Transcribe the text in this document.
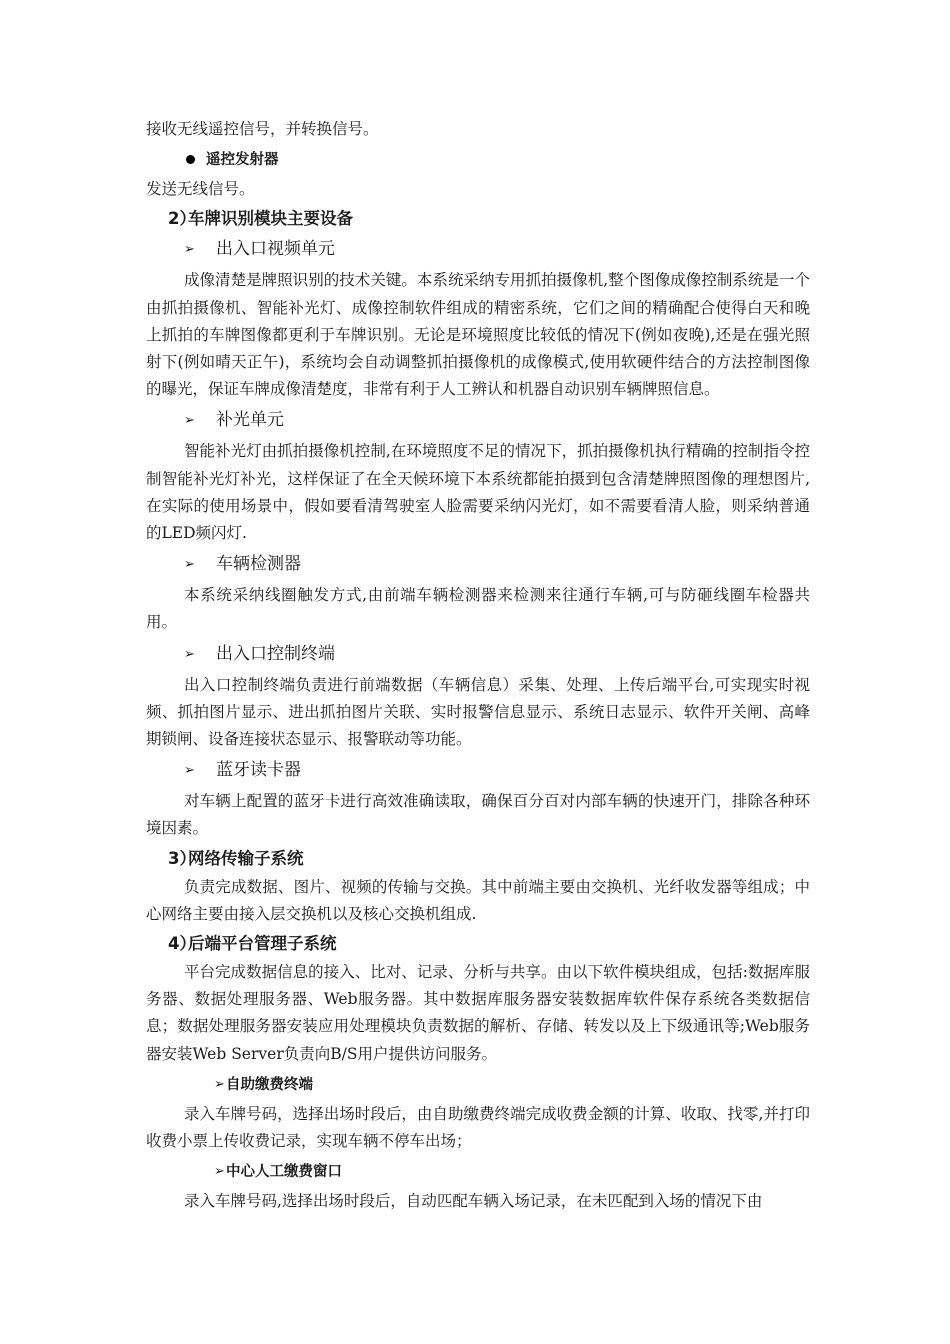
接收无线遥控信号，并转换信号。

遥控发射器

发送无线信号。

2）
车牌识别模块主要设备
➢	出入口视频单元

成像清楚是牌照识别的技术关键。本系统采纳专用抓拍摄像机,整个图像成像控制系统是一个由抓拍摄像机、智能补光灯、成像控制软件组成的精密系统，它们之间的精确配合使得白天和晚上抓拍的车牌图像都更利于车牌识别。无论是环境照度比较低的情况下(例如夜晚),还是在强光照射下(例如晴天正午)，系统均会自动调整抓拍摄像机的成像模式,使用软硬件结合的方法控制图像的曝光，保证车牌成像清楚度，非常有利于人工辨认和机器自动识别车辆牌照信息。

➢	补光单元

智能补光灯由抓拍摄像机控制,在环境照度不足的情况下，抓拍摄像机执行精确的控制指令控制智能补光灯补光，这样保证了在全天候环境下本系统都能拍摄到包含清楚牌照图像的理想图片,在实际的使用场景中，假如要看清驾驶室人脸需要采纳闪光灯，如不需要看清人脸，则采纳普通的LED频闪灯.

➢	车辆检测器

本系统采纳线圈触发方式,由前端车辆检测器来检测来往通行车辆,可与防砸线圈车检器共用。

➢	出入口控制终端

出入口控制终端负责进行前端数据（车辆信息）采集、处理、上传后端平台,可实现实时视频、抓拍图片显示、进出抓拍图片关联、实时报警信息显示、系统日志显示、软件开关闸、高峰期锁闸、设备连接状态显示、报警联动等功能。

➢	蓝牙读卡器

对车辆上配置的蓝牙卡进行高效准确读取，确保百分百对内部车辆的快速开门，排除各种环境因素。

3）
网络传输子系统

负责完成数据、图片、视频的传输与交换。其中前端主要由交换机、光纤收发器等组成；中心网络主要由接入层交换机以及核心交换机组成.

4）
后端平台管理子系统

平台完成数据信息的接入、比对、记录、分析与共享。由以下软件模块组成，包括:数据库服务器、数据处理服务器、Web服务器。其中数据库服务器安装数据库软件保存系统各类数据信息；数据处理服务器安装应用处理模块负责数据的解析、存储、转发以及上下级通讯等;Web服务器安装Web Server负责向B/S用户提供访问服务。

➢ 自助缴费终端

录入车牌号码，选择出场时段后，由自助缴费终端完成收费金额的计算、收取、找零,并打印收费小票上传收费记录，实现车辆不停车出场；

➢ 中心人工缴费窗口

录入车牌号码,选择出场时段后，自动匹配车辆入场记录，在未匹配到入场的情况下由
